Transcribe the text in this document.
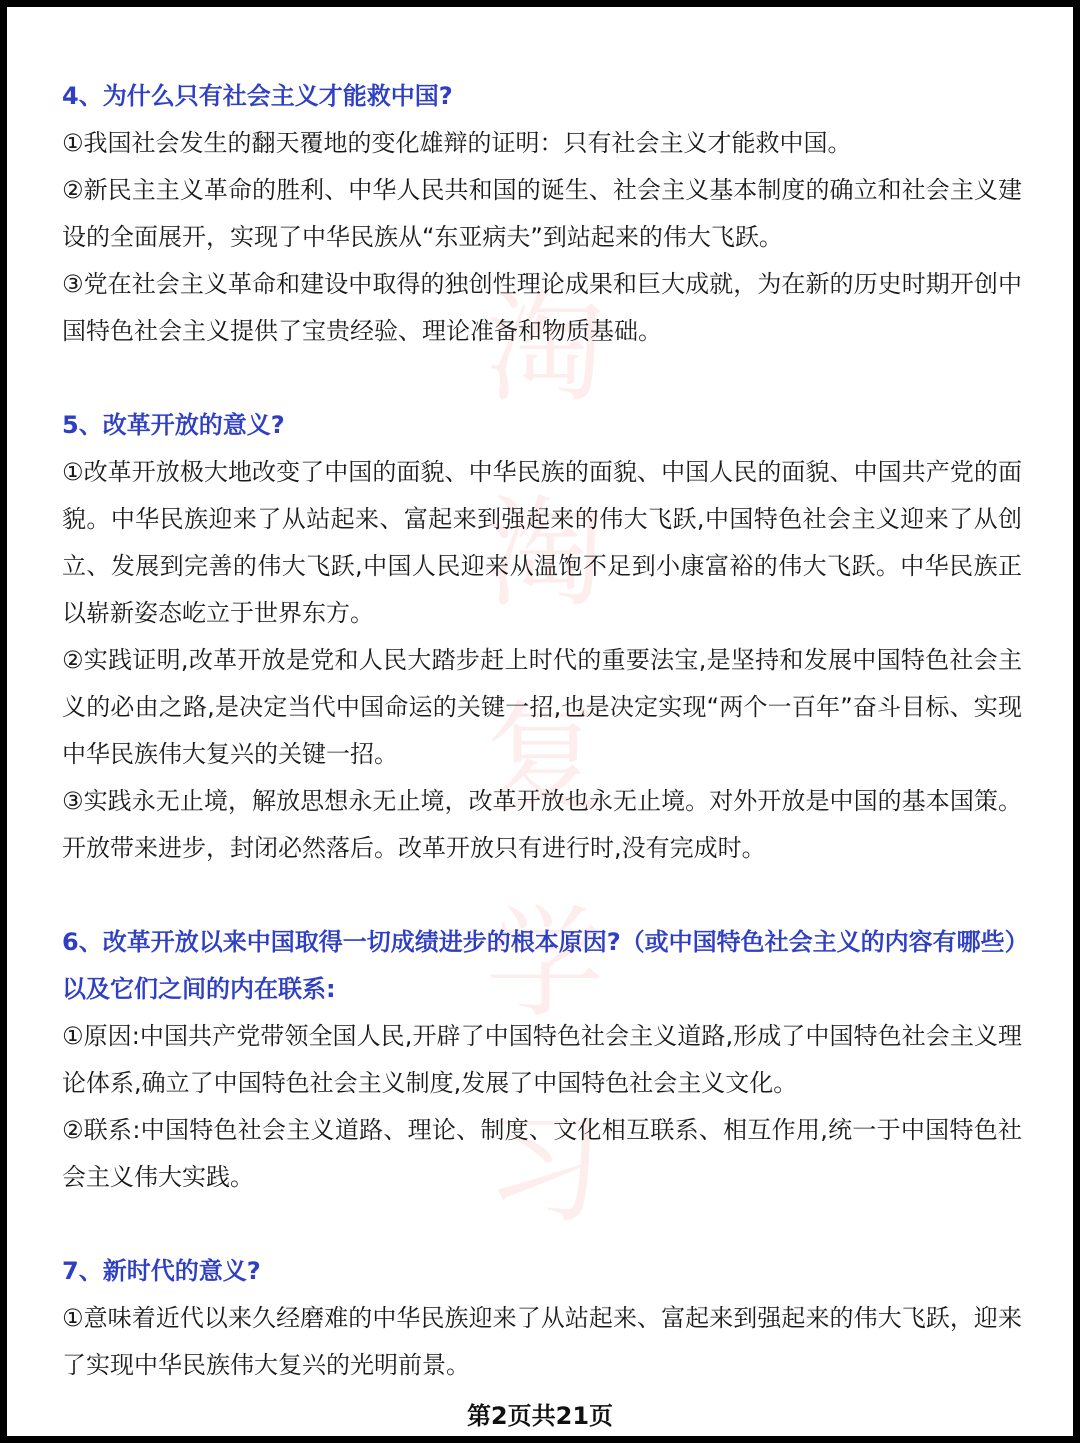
淘
淘
复
学
习

4、为什么只有社会主义才能救中国?

①我国社会发生的翻天覆地的变化雄辩的证明：只有社会主义才能救中国。

②新民主主义革命的胜利、中华人民共和国的诞生、社会主义基本制度的确立和社会主义建设的全面展开，实现了中华民族从“东亚病夫”到站起来的伟大飞跃。

③党在社会主义革命和建设中取得的独创性理论成果和巨大成就，为在新的历史时期开创中国特色社会主义提供了宝贵经验、理论准备和物质基础。

5、改革开放的意义?

①改革开放极大地改变了中国的面貌、中华民族的面貌、中国人民的面貌、中国共产党的面貌。中华民族迎来了从站起来、富起来到强起来的伟大飞跃,中国特色社会主义迎来了从创立、发展到完善的伟大飞跃,中国人民迎来从温饱不足到小康富裕的伟大飞跃。中华民族正以崭新姿态屹立于世界东方。

②实践证明,改革开放是党和人民大踏步赶上时代的重要法宝,是坚持和发展中国特色社会主义的必由之路,是决定当代中国命运的关键一招,也是决定实现“两个一百年”奋斗目标、实现中华民族伟大复兴的关键一招。

③实践永无止境，解放思想永无止境，改革开放也永无止境。对外开放是中国的基本国策。开放带来进步，封闭必然落后。改革开放只有进行时,没有完成时。

6、改革开放以来中国取得一切成绩进步的根本原因?（或中国特色社会主义的内容有哪些）以及它们之间的内在联系:

①原因:中国共产党带领全国人民,开辟了中国特色社会主义道路,形成了中国特色社会主义理论体系,确立了中国特色社会主义制度,发展了中国特色社会主义文化。

②联系:中国特色社会主义道路、理论、制度、文化相互联系、相互作用,统一于中国特色社会主义伟大实践。

7、新时代的意义?

①意味着近代以来久经磨难的中华民族迎来了从站起来、富起来到强起来的伟大飞跃，迎来了实现中华民族伟大复兴的光明前景。

第2页共21页
